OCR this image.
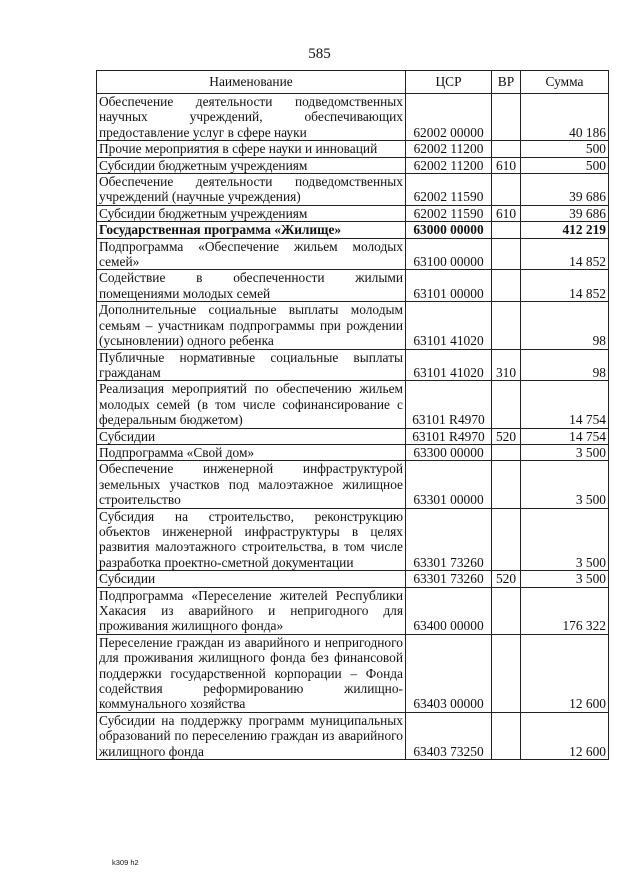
585
Наименование	ЦСР	ВР	Сумма
Обеспечение деятельности подведомственных научных учреждений, обеспечивающих предоставление услуг в сфере науки	62002 00000		40 186
Прочие мероприятия в сфере науки и инноваций	62002 11200		500
Субсидии бюджетным учреждениям	62002 11200	610	500
Обеспечение деятельности подведомственных учреждений (научные учреждения)	62002 11590		39 686
Субсидии бюджетным учреждениям	62002 11590	610	39 686
Государственная программа «Жилище»	63000 00000		412 219
Подпрограмма «Обеспечение жильем молодых семей»	63100 00000		14 852
Содействие в обеспеченности жилыми помещениями молодых семей	63101 00000		14 852
Дополнительные социальные выплаты молодым семьям – участникам подпрограммы при рождении (усыновлении) одного ребенка	63101 41020		98
Публичные нормативные социальные выплаты гражданам	63101 41020	310	98
Реализация мероприятий по обеспечению жильем молодых семей (в том числе софинансирование с федеральным бюджетом)	63101 R4970		14 754
Субсидии	63101 R4970	520	14 754
Подпрограмма «Свой дом»	63300 00000		3 500
Обеспечение инженерной инфраструктурой земельных участков под малоэтажное жилищное строительство	63301 00000		3 500
Субсидия на строительство, реконструкцию объектов инженерной инфраструктуры в целях развития малоэтажного строительства, в том числе разработка проектно-сметной документации	63301 73260		3 500
Субсидии	63301 73260	520	3 500
Подпрограмма «Переселение жителей Республики Хакасия из аварийного и непригодного для проживания жилищного фонда»	63400 00000		176 322
Переселение граждан из аварийного и непригодного для проживания жилищного фонда без финансовой поддержки государственной корпорации – Фонда содействия реформированию жилищно-коммунального хозяйства	63403 00000		12 600
Субсидии на поддержку программ муниципальных образований по переселению граждан из аварийного жилищного фонда	63403 73250		12 600
k309 h2
